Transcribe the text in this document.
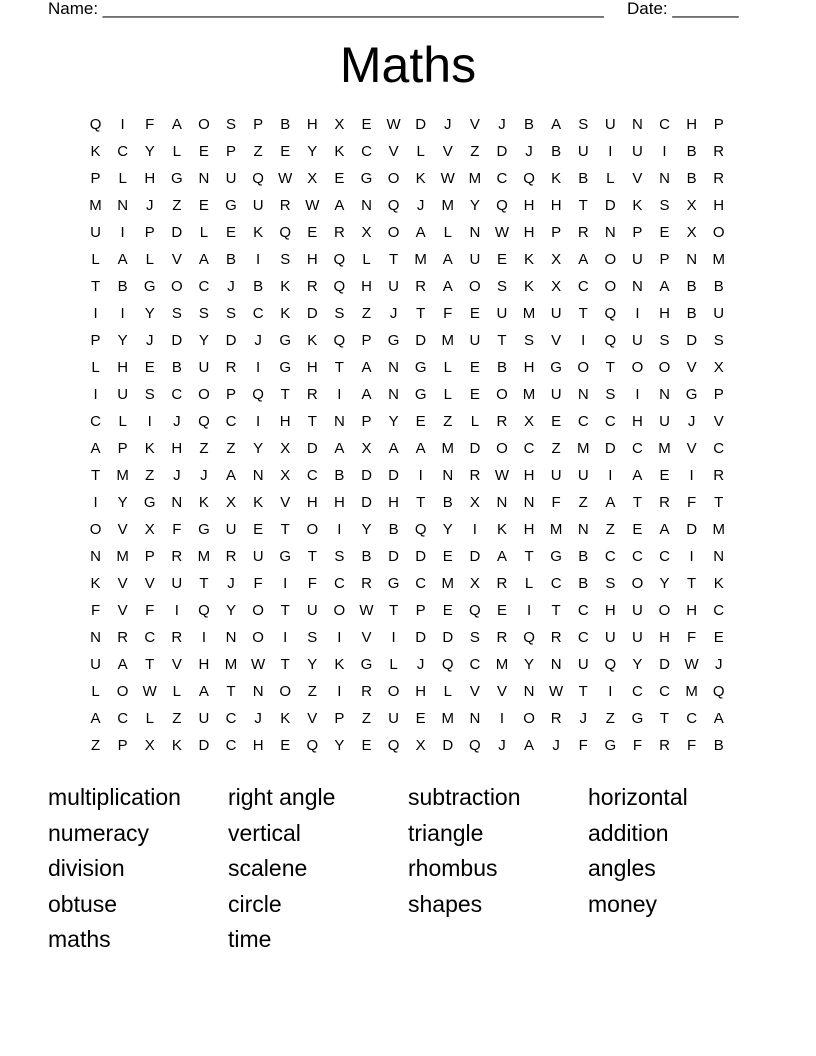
Name: _____________________________________________________ Date: _______
Maths
Q	I	F	A	O	S	P	B	H	X	E	W D	J	V	J	B	A	S	U	N	C	H	P
K	C	Y	L	E	P	Z	E	Y	K	C	V	L	V	Z	D	J	B	U	I	U	I	B	R
P	L	H	G	N	U	Q W	X	E	G	O	K	W M	C	Q	K	B	L	V	N	B	R
M	N	J	Z	E	G	U	R W	A	N	Q	J	M	Y	Q	H	H	T	D	K	S	X	H
U	I	P	D	L	E	K	Q	E	R	X	O	A	L	N W H	P	R	N	P	E	X	O
L	A	L	V	A	B	I	S	H	Q	L	T	M	A	U	E	K	X	A	O	U	P	N	M
T	B	G	O	C	J	B	K	R	Q	H	U	R	A	O	S	K	X	C	O	N	A	B	B
I	I	Y	S	S	S	C	K	D	S	Z	J	T	F	E	U	M	U	T	Q	I	H	B	U
P	Y	J	D	Y	D	J	G	K	Q	P	G	D	M	U	T	S	V	I	Q	U	S	D	S
L	H	E	B	U	R	I	G	H	T	A	N	G	L	E	B	H	G	O	T	O	O	V	X
I	U	S	C	O	P	Q	T	R	I	A	N	G	L	E	O	M	U	N	S	I	N	G	P
C	L	I	J	Q	C	I	H	T	N	P	Y	E	Z	L	R	X	E	C	C	H	U	J	V
A	P	K	H	Z	Z	Y	X	D	A	X	A	A	M	D	O	C	Z	M	D	C	M	V	C
T	M	Z	J	J	A	N	X	C	B	D	D	I	N	R W H	U	U	I	A	E	I	R
I	Y	G	N	K	X	K	V	H	H	D	H	T	B	X	N	N	F	Z	A	T	R	F	T
O	V	X	F	G	U	E	T	O	I	Y	B	Q	Y	I	K	H	M	N	Z	E	A	D	M
N	M	P	R	M	R	U	G	T	S	B	D	D	E	D	A	T	G	B	C	C	C	I	N
K	V	V	U	T	J	F	I	F	C	R	G	C	M	X	R	L	C	B	S	O	Y	T	K
F	V	F	I	Q	Y	O	T	U	O W	T	P	E	Q	E	I	T	C	H	U	O	H	C
N	R	C	R	I	N	O	I	S	I	V	I	D	D	S	R	Q	R	C	U	U	H	F	E
U	A	T	V	H	M W	T	Y	K	G	L	J	Q	C	M	Y	N	U	Q	Y	D W	J
L	O W	L	A	T	N	O	Z	I	R	O	H	L	V	V	N W	T	I	C	C	M	Q
A	C	L	Z	U	C	J	K	V	P	Z	U	E	M	N	I	O	R	J	Z	G	T	C	A
Z	P	X	K	D	C	H	E	Q	Y	E	Q	X	D	Q	J	A	J	F	G	F	R	F	B
multiplication	right angle	subtraction	horizontal
numeracy	vertical	triangle	addition
division	scalene	rhombus	angles
obtuse	circle	shapes	money
maths	time
